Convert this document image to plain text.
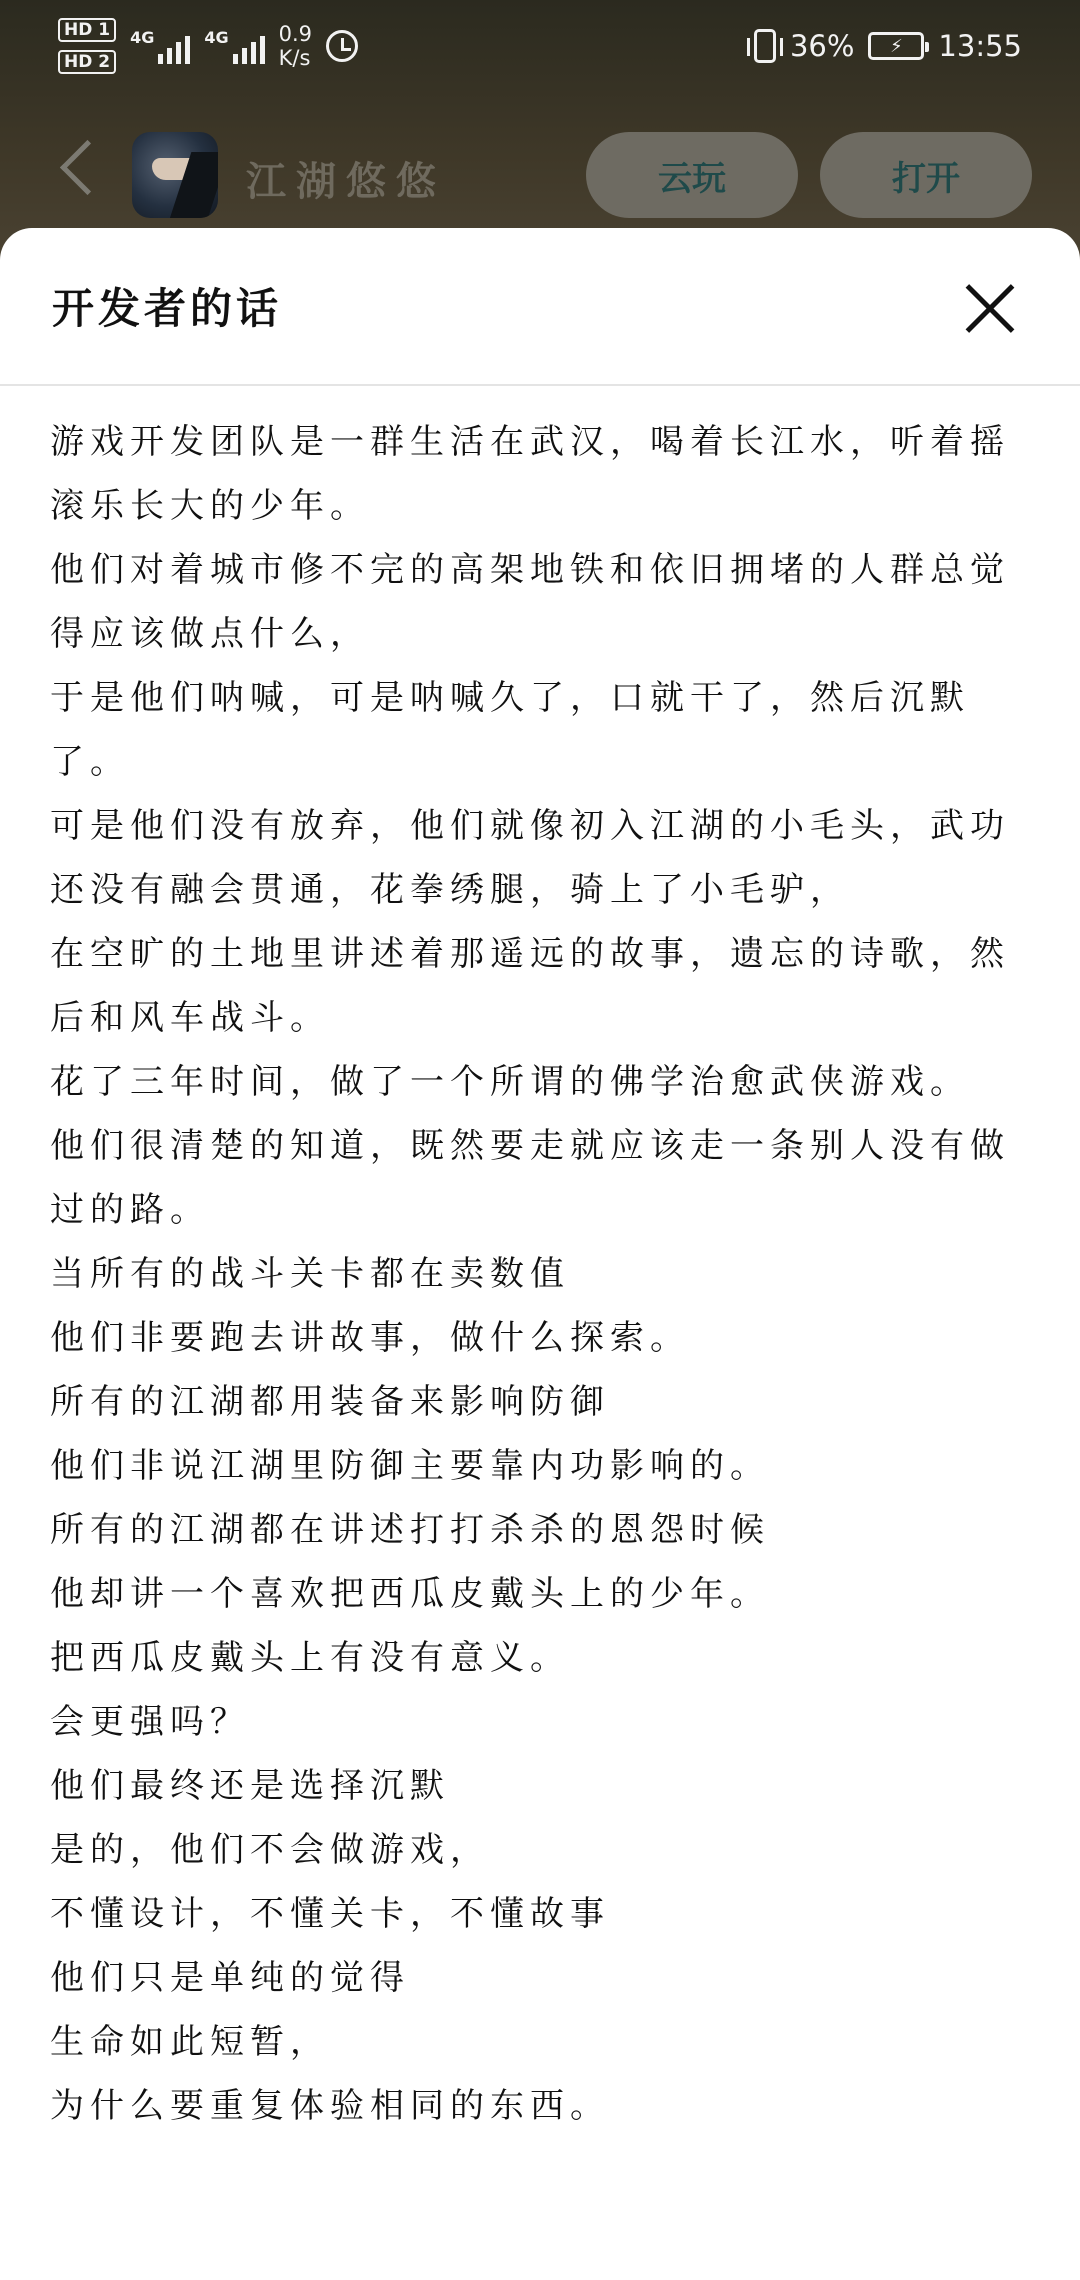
HD 1
HD 2
4G	4G 0.9
K/s	36%	⚡	13:55
江湖悠悠	云玩	打开
开发者的话

游戏开发团队是一群生活在武汉，喝着长江水，听着摇滚乐长大的少年。

他们对着城市修不完的高架地铁和依旧拥堵的人群总觉得应该做点什么，

于是他们呐喊，可是呐喊久了，口就干了，然后沉默了。

可是他们没有放弃，他们就像初入江湖的小毛头，武功还没有融会贯通，花拳绣腿，骑上了小毛驴，

在空旷的土地里讲述着那遥远的故事，遗忘的诗歌，然后和风车战斗。

花了三年时间，做了一个所谓的佛学治愈武侠游戏。

他们很清楚的知道，既然要走就应该走一条别人没有做过的路。

当所有的战斗关卡都在卖数值

他们非要跑去讲故事，做什么探索。

所有的江湖都用装备来影响防御

他们非说江湖里防御主要靠内功影响的。

所有的江湖都在讲述打打杀杀的恩怨时候

他却讲一个喜欢把西瓜皮戴头上的少年。

把西瓜皮戴头上有没有意义。

会更强吗？

他们最终还是选择沉默

是的，他们不会做游戏，

不懂设计，不懂关卡，不懂故事

他们只是单纯的觉得

生命如此短暂，

为什么要重复体验相同的东西。
